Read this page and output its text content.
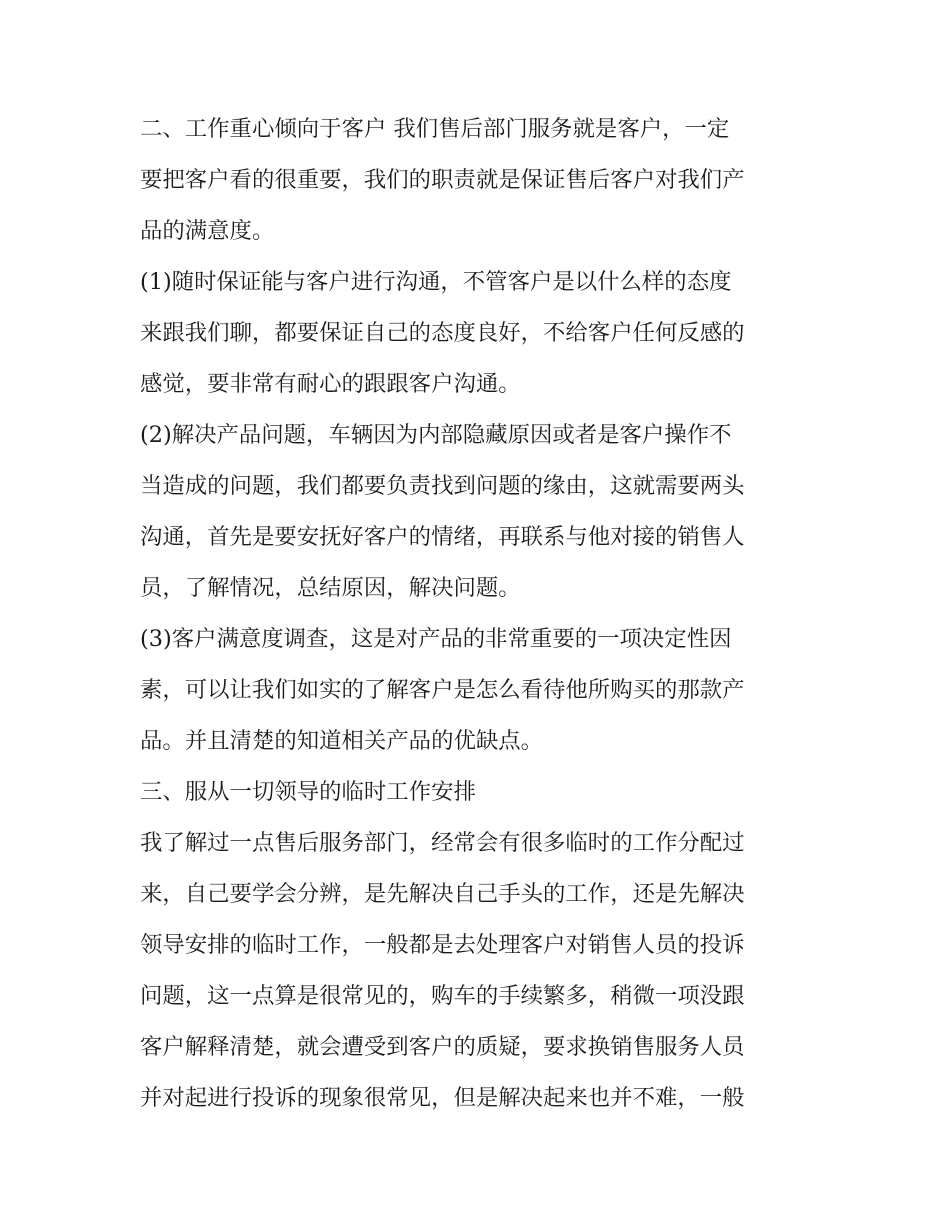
二、工作重心倾向于客户 我们售后部门服务就是客户，一定
要把客户看的很重要，我们的职责就是保证售后客户对我们产
品的满意度。
(1)随时保证能与客户进行沟通，不管客户是以什么样的态度
来跟我们聊，都要保证自己的态度良好，不给客户任何反感的
感觉，要非常有耐心的跟跟客户沟通。
(2)解决产品问题，车辆因为内部隐藏原因或者是客户操作不
当造成的问题，我们都要负责找到问题的缘由，这就需要两头
沟通，首先是要安抚好客户的情绪，再联系与他对接的销售人
员，了解情况，总结原因，解决问题。
(3)客户满意度调查，这是对产品的非常重要的一项决定性因
素，可以让我们如实的了解客户是怎么看待他所购买的那款产
品。并且清楚的知道相关产品的优缺点。
三、服从一切领导的临时工作安排
我了解过一点售后服务部门，经常会有很多临时的工作分配过
来，自己要学会分辨，是先解决自己手头的工作，还是先解决
领导安排的临时工作，一般都是去处理客户对销售人员的投诉
问题，这一点算是很常见的，购车的手续繁多，稍微一项没跟
客户解释清楚，就会遭受到客户的质疑，要求换销售服务人员
并对起进行投诉的现象很常见，但是解决起来也并不难，一般
